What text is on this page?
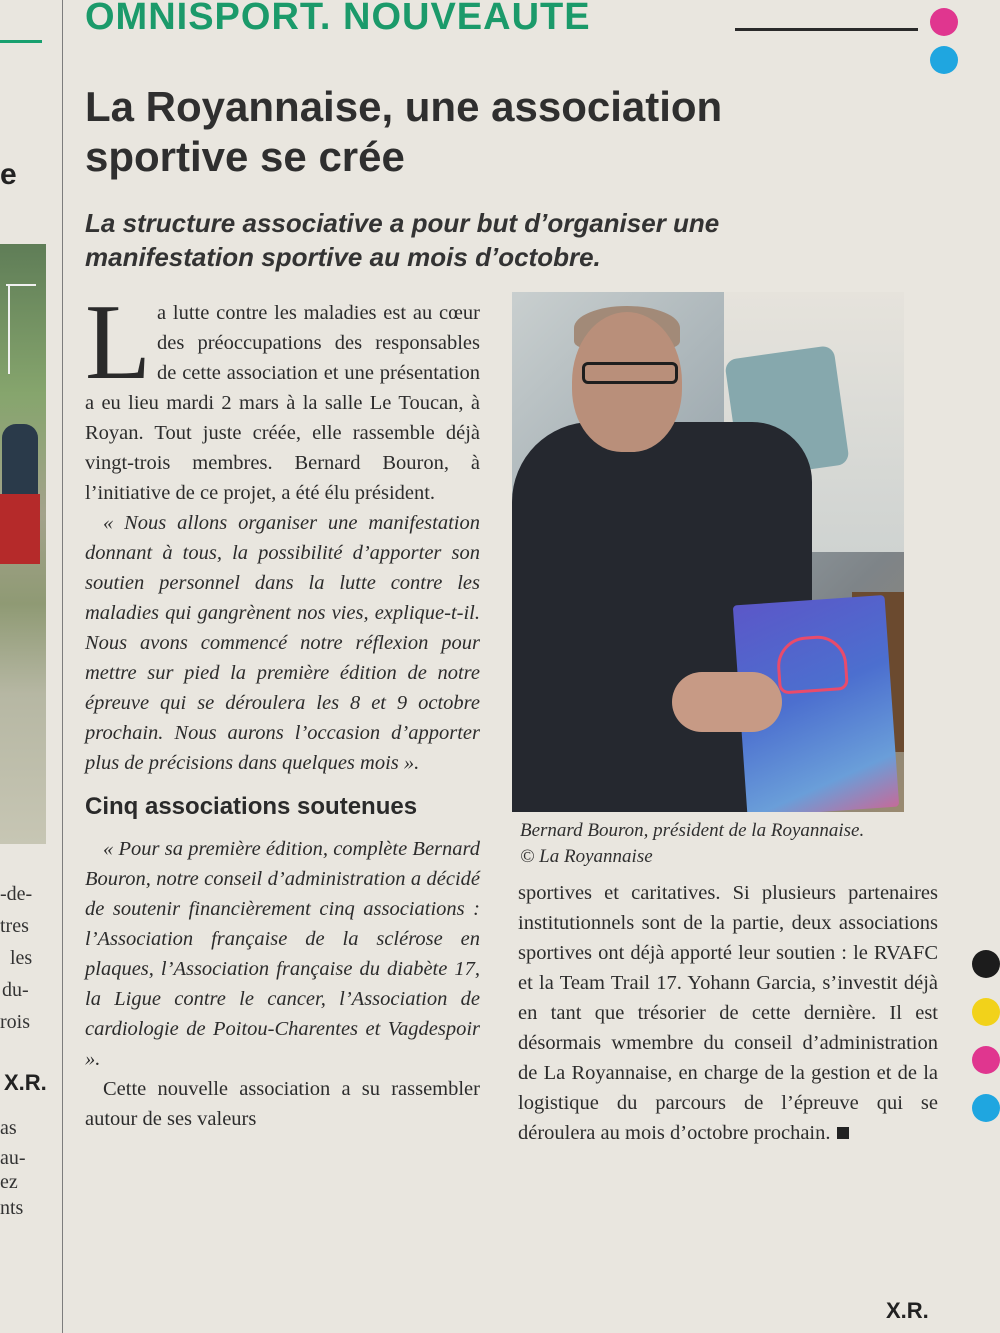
e
-de-
tres
les
du-
rois
X.R.
as
au-
ez
nts
OMNISPORT. NOUVEAUTE
La Royannaise, une association sportive se crée

La structure associative a pour but d’organiser une manifestation sportive au mois d’octobre.

La lutte contre les maladies est au cœur des préoccupations des responsables de cette association et une présentation a eu lieu mardi 2 mars à la salle Le Toucan, à Royan. Tout juste créée, elle rassemble déjà vingt-trois membres. Bernard Bouron, à l’initiative de ce projet, a été élu président.

« Nous allons organiser une manifestation donnant à tous, la possibilité d’apporter son soutien personnel dans la lutte contre les maladies qui gangrènent nos vies, explique-t-il. Nous avons commencé notre réflexion pour mettre sur pied la première édition de notre épreuve qui se déroulera les 8 et 9 octobre prochain. Nous aurons l’occasion d’apporter plus de précisions dans quelques mois ».

Cinq associations soutenues

« Pour sa première édition, complète Bernard Bouron, notre conseil d’administration a décidé de soutenir financièrement cinq associations : l’Association française de la sclérose en plaques, l’Association française du diabète 17, la Ligue contre le cancer, l’Association de cardiologie de Poitou-Charentes et Vagdespoir ».

Cette nouvelle association a su rassembler autour de ses valeurs

Bernard Bouron, président de la Royannaise.
© La Royannaise

sportives et caritatives. Si plusieurs partenaires institutionnels sont de la partie, deux associations sportives ont déjà apporté leur soutien : le RVAFC et la Team Trail 17. Yohann Garcia, s’investit déjà en tant que trésorier de cette dernière. Il est désormais wmembre du conseil d’administration de La Royannaise, en charge de la gestion et de la logistique du parcours de l’épreuve qui se déroulera au mois d’octobre prochain.

X.R.
